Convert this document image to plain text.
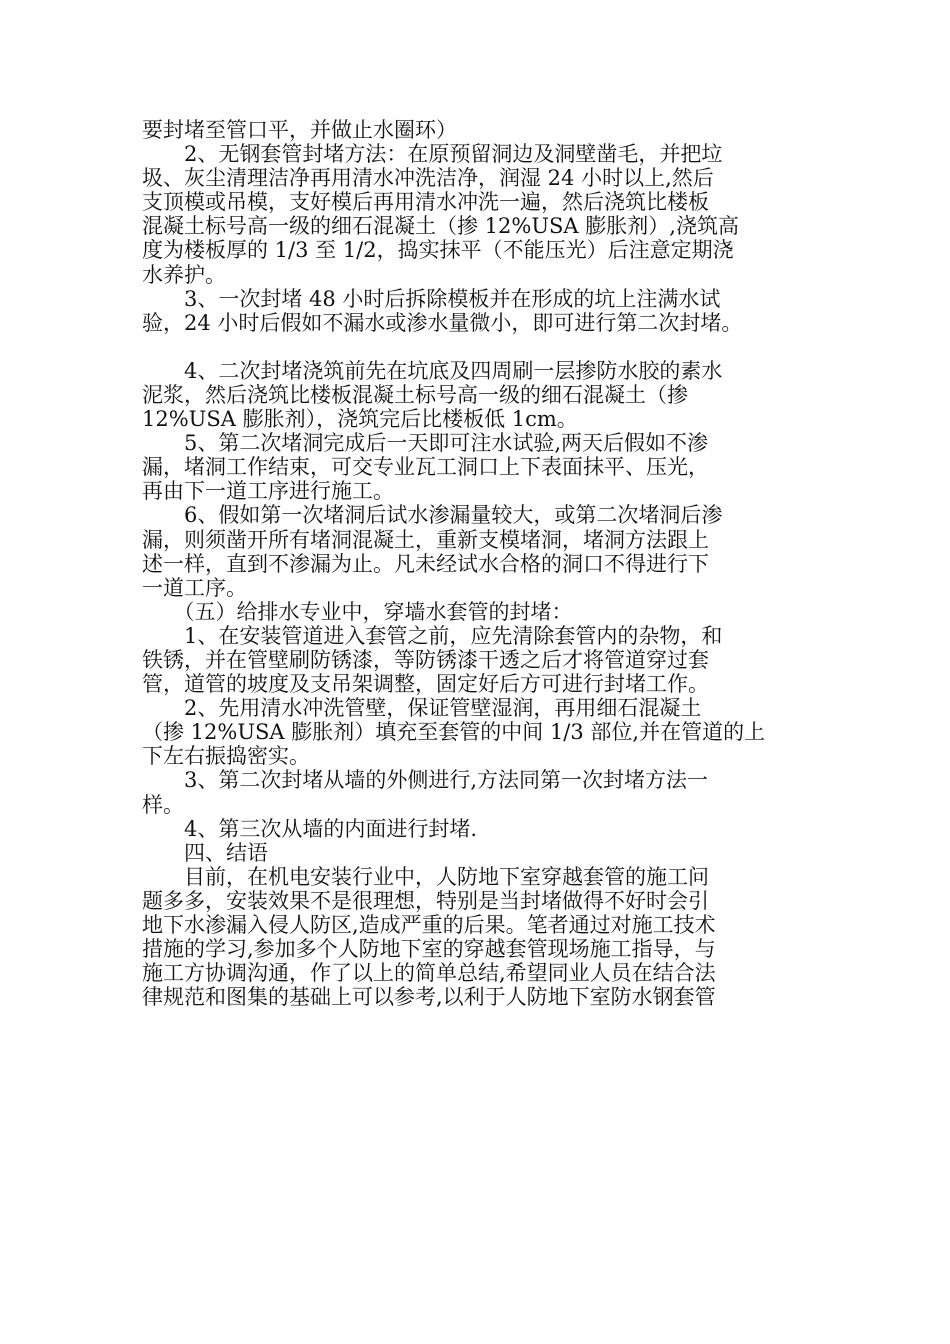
要封堵至管口平，并做止水圈环）
　　2、无钢套管封堵方法：在原预留洞边及洞壁凿毛，并把垃
圾、灰尘清理洁净再用清水冲洗洁净，润湿 24 小时以上,然后
支顶模或吊模，支好模后再用清水冲洗一遍，然后浇筑比楼板
混凝土标号高一级的细石混凝土（掺 12%USA 膨胀剂）,浇筑高
度为楼板厚的 1/3 至 1/2，捣实抹平（不能压光）后注意定期浇
水养护。
　　3、一次封堵 48 小时后拆除模板并在形成的坑上注满水试
验，24 小时后假如不漏水或渗水量微小，即可进行第二次封堵。
　　4、二次封堵浇筑前先在坑底及四周刷一层掺防水胶的素水
泥浆，然后浇筑比楼板混凝土标号高一级的细石混凝土（掺
12%USA 膨胀剂），浇筑完后比楼板低 1cm。
　　5、第二次堵洞完成后一天即可注水试验,两天后假如不渗
漏，堵洞工作结束，可交专业瓦工洞口上下表面抹平、压光，
再由下一道工序进行施工。
　　6、假如第一次堵洞后试水渗漏量较大，或第二次堵洞后渗
漏，则须凿开所有堵洞混凝土，重新支模堵洞，堵洞方法跟上
述一样，直到不渗漏为止。凡未经试水合格的洞口不得进行下
一道工序。
　　（五）给排水专业中，穿墙水套管的封堵：
　　1、在安装管道进入套管之前，应先清除套管内的杂物，和
铁锈，并在管壁刷防锈漆，等防锈漆干透之后才将管道穿过套
管，道管的坡度及支吊架调整，固定好后方可进行封堵工作。
　　2、先用清水冲洗管壁，保证管壁湿润，再用细石混凝土
（掺 12%USA 膨胀剂）填充至套管的中间 1/3 部位,并在管道的上
下左右振捣密实。
　　3、第二次封堵从墙的外侧进行,方法同第一次封堵方法一
样。
　　4、第三次从墙的内面进行封堵.
　　四、结语
　　目前，在机电安装行业中，人防地下室穿越套管的施工问
题多多，安装效果不是很理想，特别是当封堵做得不好时会引
地下水渗漏入侵人防区,造成严重的后果。笔者通过对施工技术
措施的学习,参加多个人防地下室的穿越套管现场施工指导，与
施工方协调沟通，作了以上的简单总结,希望同业人员在结合法
律规范和图集的基础上可以参考,以利于人防地下室防水钢套管
